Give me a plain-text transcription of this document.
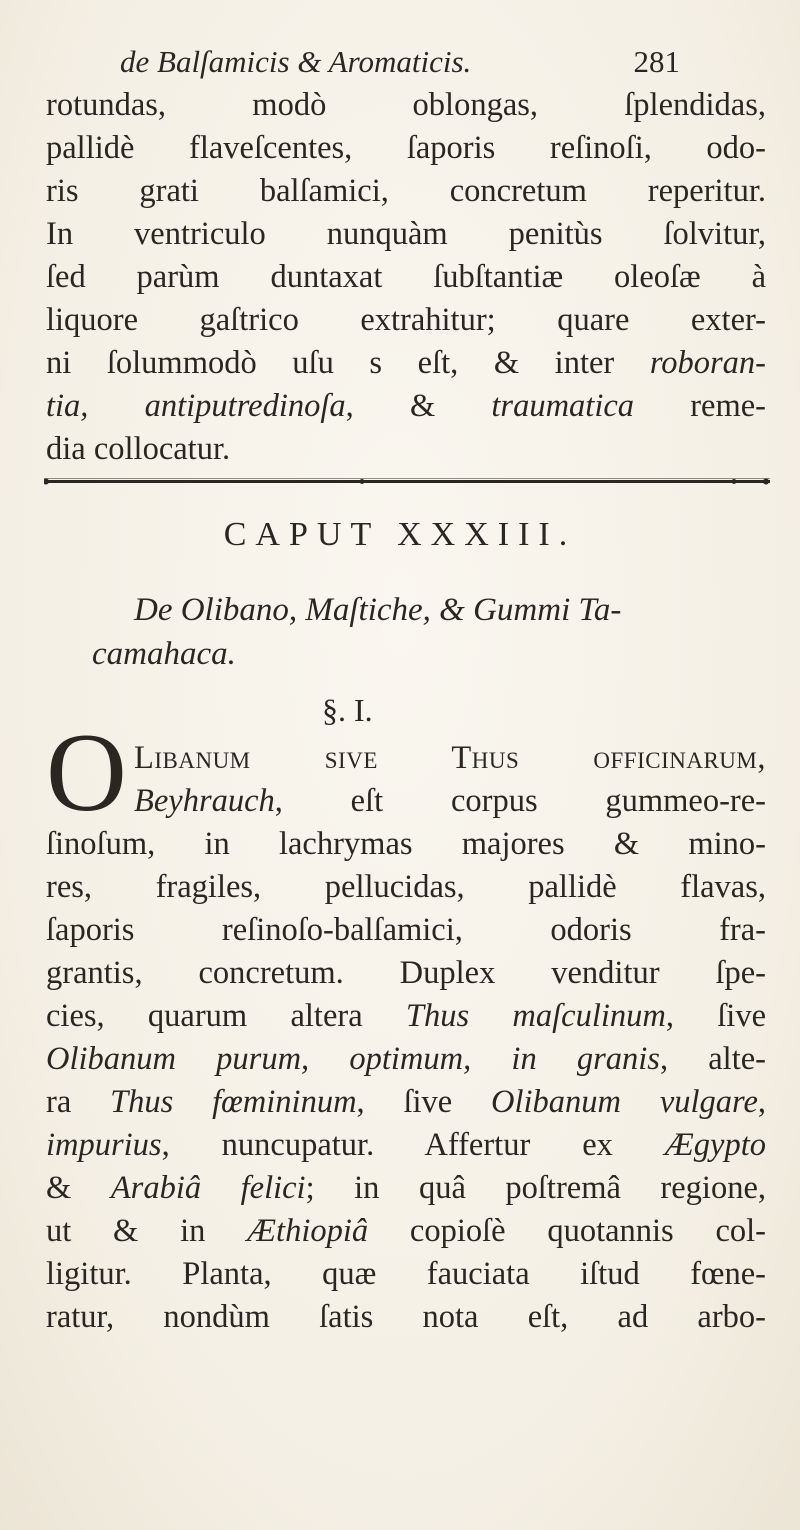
de Balſamicis & Aromaticis.	281
rotundas, modò oblongas, ſplendidas,
pallidè flaveſcentes, ſaporis reſinoſi, odo-
ris grati balſamici, concretum reperitur.
In ventriculo nunquàm penitùs ſolvitur,
ſed parùm duntaxat ſubſtantiæ oleoſæ à
liquore gaſtrico extrahitur; quare exter-
ni ſolummodò uſu s eſt, & inter roboran-
tia, antiputredinoſa, & traumatica reme-
dia collocatur.
CAPUT XXXIII.
De Olibano, Maſtiche, & Gummi Ta-
camahaca.
§. I.
O Libanum ſive Thus officinarum,
Beyhrauch, eſt corpus gummeo-re-
ſinoſum, in lachrymas majores & mino-
res, fragiles, pellucidas, pallidè flavas,
ſaporis reſinoſo-balſamici, odoris fra-
grantis, concretum. Duplex venditur ſpe-
cies, quarum altera Thus maſculinum, ſive
Olibanum purum, optimum, in granis, alte-
ra Thus fœmininum, ſive Olibanum vulgare,
impurius, nuncupatur. Affertur ex Ægypto
& Arabiâ felici; in quâ poſtremâ regione,
ut & in Æthiopiâ copioſè quotannis col-
ligitur. Planta, quæ fauciata iſtud fœne-
ratur, nondùm ſatis nota eſt, ad arbo-
